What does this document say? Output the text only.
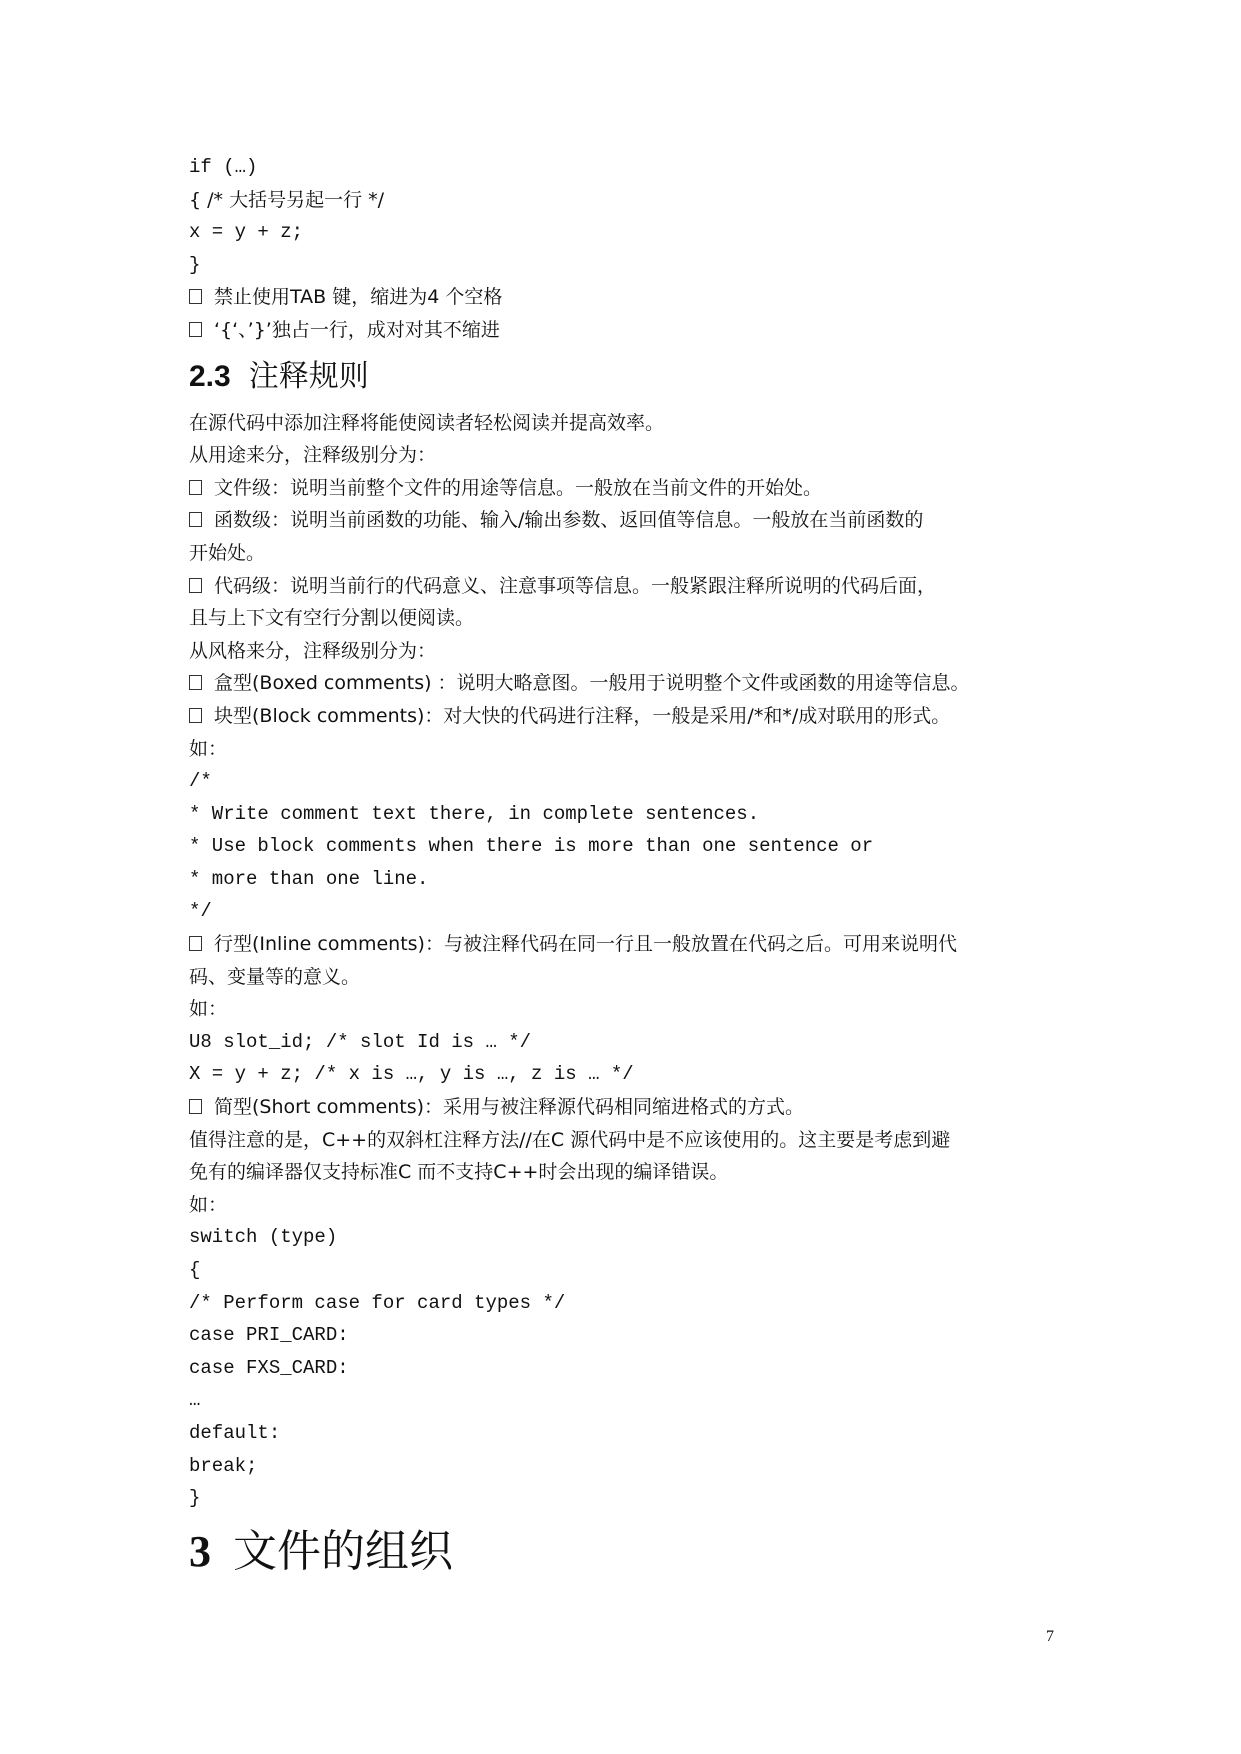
if (…)
{ /* 大括号另起一行 */
x = y + z;
}
禁止使用TAB 键，缩进为4 个空格
‘{‘、’}’独占一行，成对对其不缩进
2.3 注释规则
在源代码中添加注释将能使阅读者轻松阅读并提高效率。
从用途来分，注释级别分为：
文件级：说明当前整个文件的用途等信息。一般放在当前文件的开始处。
函数级：说明当前函数的功能、输入/输出参数、返回值等信息。一般放在当前函数的
开始处。
代码级：说明当前行的代码意义、注意事项等信息。一般紧跟注释所说明的代码后面，
且与上下文有空行分割以便阅读。
从风格来分，注释级别分为：
盒型(Boxed comments) ：说明大略意图。一般用于说明整个文件或函数的用途等信息。
块型(Block comments)：对大快的代码进行注释，一般是采用/*和*/成对联用的形式。
如：
/*
* Write comment text there, in complete sentences.
* Use block comments when there is more than one sentence or
* more than one line.
*/
行型(Inline comments)：与被注释代码在同一行且一般放置在代码之后。可用来说明代
码、变量等的意义。
如：
U8 slot_id; /* slot Id is … */
X = y + z; /* x is …, y is …, z is … */
简型(Short comments)：采用与被注释源代码相同缩进格式的方式。
值得注意的是，C++的双斜杠注释方法//在C 源代码中是不应该使用的。这主要是考虑到避
免有的编译器仅支持标准C 而不支持C++时会出现的编译错误。
如：
switch (type)
{
/* Perform case for card types */
case PRI_CARD:
case FXS_CARD:
…
default:
break;
}
3 文件的组织
7
